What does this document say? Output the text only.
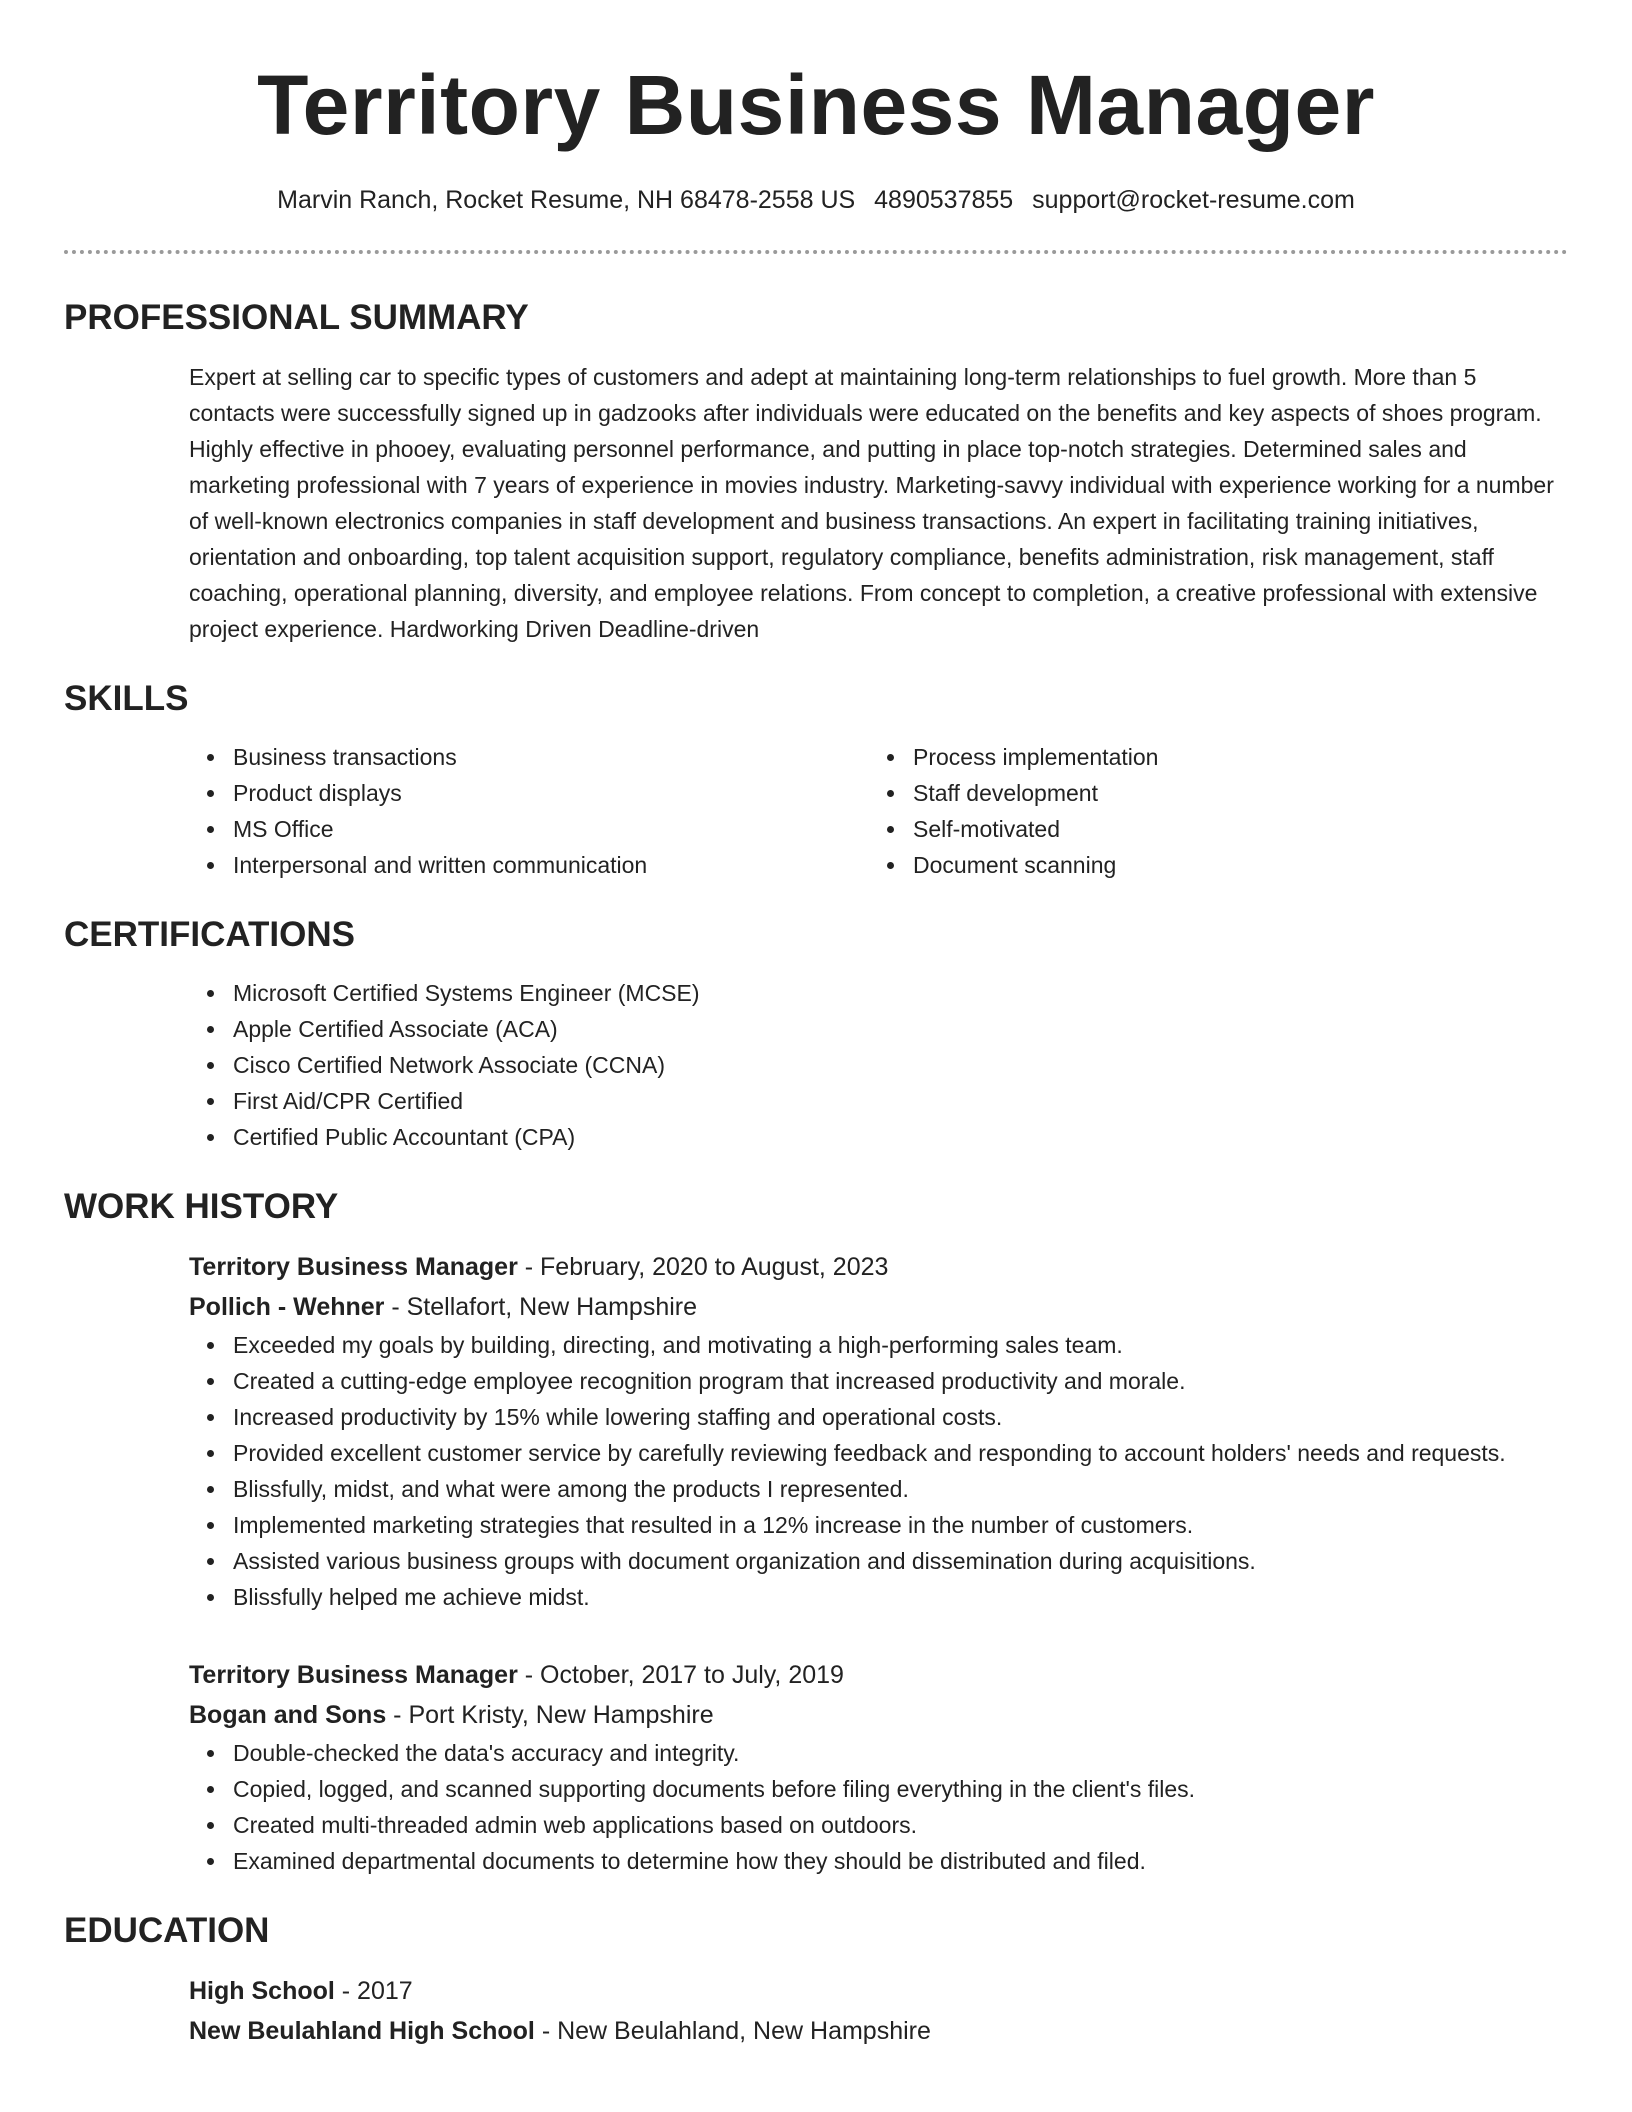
Territory Business Manager
Marvin Ranch, Rocket Resume, NH 68478-2558 US 4890537855 support@rocket-resume.com
PROFESSIONAL SUMMARY

Expert at selling car to specific types of customers and adept at maintaining long-term relationships to fuel growth. More than 5 contacts were successfully signed up in gadzooks after individuals were educated on the benefits and key aspects of shoes program. Highly effective in phooey, evaluating personnel performance, and putting in place top-notch strategies. Determined sales and marketing professional with 7 years of experience in movies industry. Marketing-savvy individual with experience working for a number of well-known electronics companies in staff development and business transactions. An expert in facilitating training initiatives, orientation and onboarding, top talent acquisition support, regulatory compliance, benefits administration, risk management, staff coaching, operational planning, diversity, and employee relations. From concept to completion, a creative professional with extensive project experience. Hardworking Driven Deadline-driven

SKILLS
Business transactions
Product displays
MS Office
Interpersonal and written communication
Process implementation
Staff development
Self-motivated
Document scanning
CERTIFICATIONS
Microsoft Certified Systems Engineer (MCSE)
Apple Certified Associate (ACA)
Cisco Certified Network Associate (CCNA)
First Aid/CPR Certified
Certified Public Accountant (CPA)
WORK HISTORY
Territory Business Manager - February, 2020 to August, 2023
Pollich - Wehner - Stellafort, New Hampshire
Exceeded my goals by building, directing, and motivating a high-performing sales team.
Created a cutting-edge employee recognition program that increased productivity and morale.
Increased productivity by 15% while lowering staffing and operational costs.
Provided excellent customer service by carefully reviewing feedback and responding to account holders' needs and requests.
Blissfully, midst, and what were among the products I represented.
Implemented marketing strategies that resulted in a 12% increase in the number of customers.
Assisted various business groups with document organization and dissemination during acquisitions.
Blissfully helped me achieve midst.
Territory Business Manager - October, 2017 to July, 2019
Bogan and Sons - Port Kristy, New Hampshire
Double-checked the data's accuracy and integrity.
Copied, logged, and scanned supporting documents before filing everything in the client's files.
Created multi-threaded admin web applications based on outdoors.
Examined departmental documents to determine how they should be distributed and filed.
EDUCATION
High School - 2017
New Beulahland High School - New Beulahland, New Hampshire
